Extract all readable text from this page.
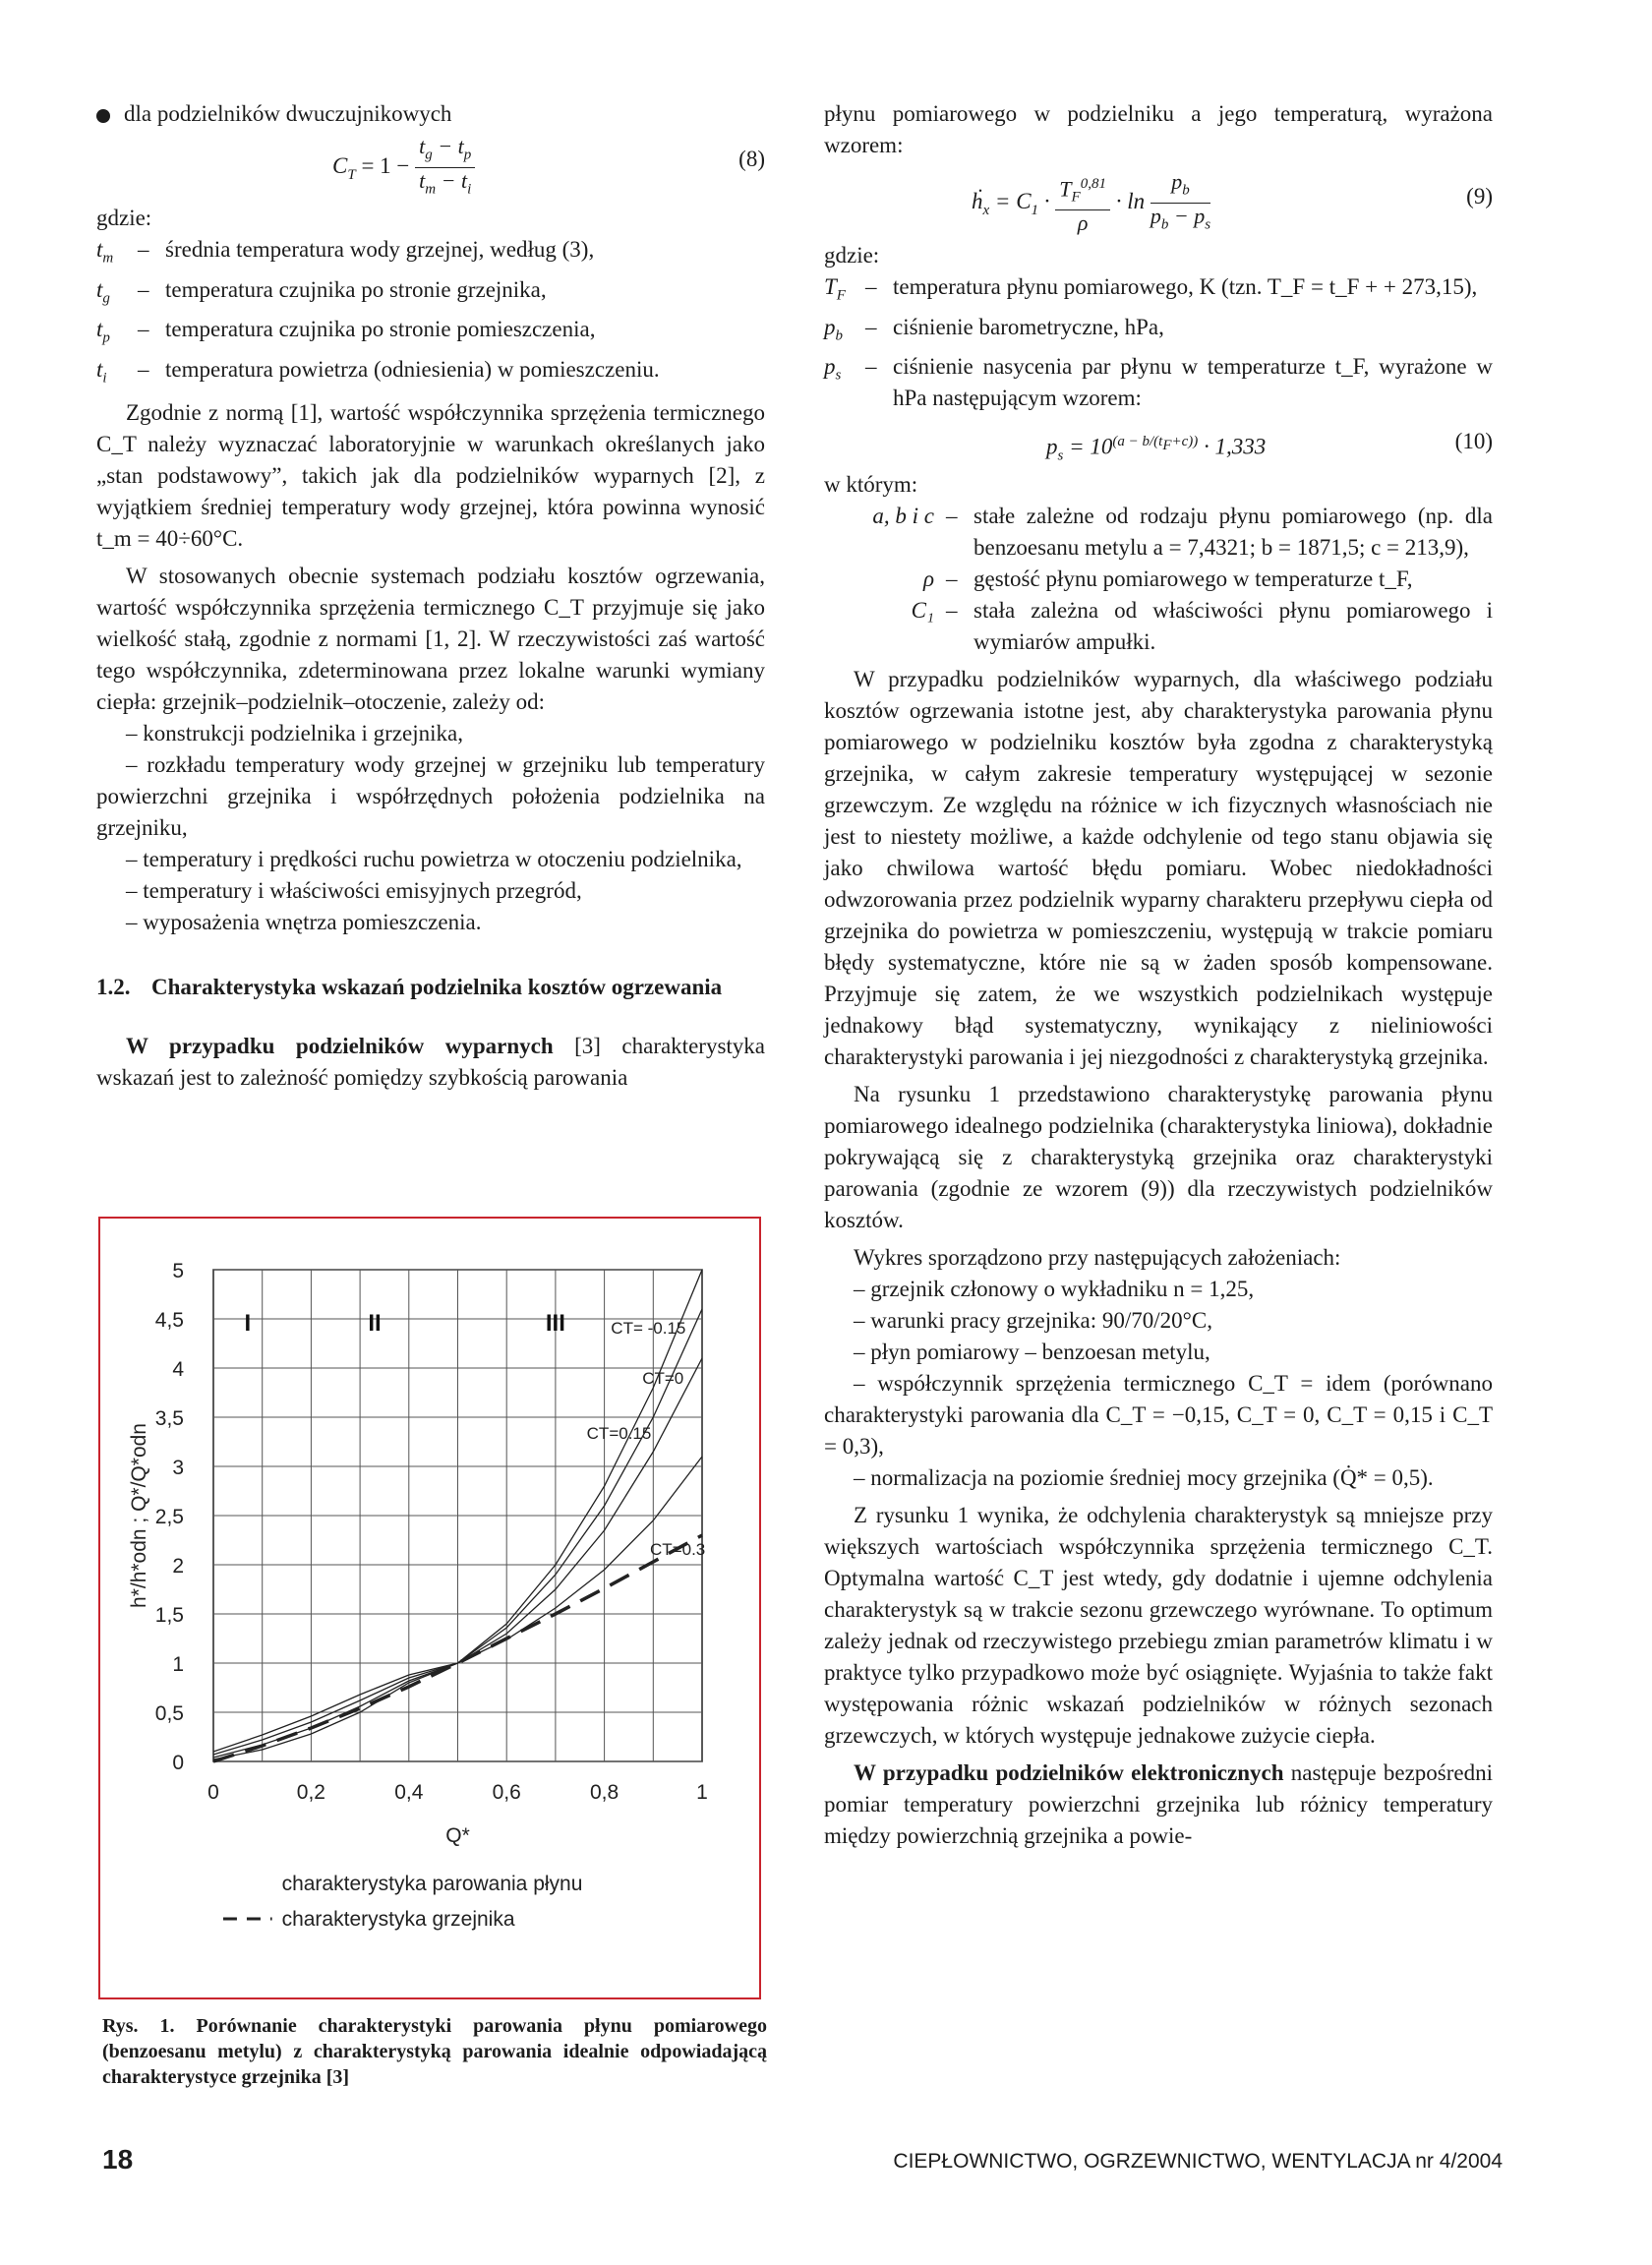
dla podzielników dwuczujnikowych

$C_T = 1 - \frac{t_g - t_p}{t_m - t_i}$	(8)

gdzie:

$t_m$	– średnia temperatura wody grzejnej, według (3),
$t_g$	– temperatura czujnika po stronie grzejnika,
$t_p$	– temperatura czujnika po stronie pomieszczenia,
$t_i$	– temperatura powietrza (odniesienia) w pomieszczeniu.

Zgodnie z normą [1], wartość współczynnika sprzężenia termicznego C_T należy wyznaczać laboratoryjnie w warunkach określanych jako „stan podstawowy”, takich jak dla podzielników wyparnych [2], z wyjątkiem średniej temperatury wody grzejnej, która powinna wynosić t_m = 40÷60°C.

W stosowanych obecnie systemach podziału kosztów ogrzewania, wartość współczynnika sprzężenia termicznego C_T przyjmuje się jako wielkość stałą, zgodnie z normami [1, 2]. W rzeczywistości zaś wartość tego współczynnika, zdeterminowana przez lokalne warunki wymiany ciepła: grzejnik–podzielnik–otoczenie, zależy od:

– konstrukcji podzielnika i grzejnika,

– rozkładu temperatury wody grzejnej w grzejniku lub temperatury powierzchni grzejnika i współrzędnych położenia podzielnika na grzejniku,

– temperatury i prędkości ruchu powietrza w otoczeniu podzielnika,

– temperatury i właściwości emisyjnych przegród,

– wyposażenia wnętrza pomieszczenia.

1.2. Charakterystyka wskazań podzielnika kosztów ogrzewania

W przypadku podzielników wyparnych [3] charakterystyka wskazań jest to zależność pomiędzy szybkością parowania

0
0,5
1
1,5
2
2,5
3
3,5
4
4,5
5
0	0,2	0,4	0,6	0,8	1
Q*
h*/h*odn ; Q*/Q*odn
I	II	III	CT= -0.15
CT=0
CT=0.15
CT=0.3
charakterystyka parowania płynu
charakterystyka grzejnika
Rys. 1. Porównanie charakterystyki parowania płynu pomiarowego (benzoesanu metylu) z charakterystyką parowania idealnie odpowiadającą charakterystyce grzejnika [3]

płynu pomiarowego w podzielniku a jego temperaturą, wyrażona wzorem:

ḣ$_x$ = $C_1 \cdot \frac{T_F^{0,81}}{\rho} \cdot \ln \frac{p_b}{p_b - p_s}$	(9)

gdzie:

$T_F$ – temperatura płynu pomiarowego, K (tzn. T_F = t_F + + 273,15),
$p_b$	– ciśnienie barometryczne, hPa,
$p_s$	– ciśnienie nasycenia par płynu w temperaturze t_F, wyrażone w hPa następującym wzorem:
$p_s = 10^{(a - b/(t_F+c))} \cdot 1,333$	(10)

w którym:

a, b i c – stałe zależne od rodzaju płynu pomiarowego (np. dla benzoesanu metylu a = 7,4321; b = 1871,5; c = 213,9),
ρ – gęstość płynu pomiarowego w temperaturze t_F,
C₁ – stała zależna od właściwości płynu pomiarowego i wymiarów ampułki.

W przypadku podzielników wyparnych, dla właściwego podziału kosztów ogrzewania istotne jest, aby charakterystyka parowania płynu pomiarowego w podzielniku kosztów była zgodna z charakterystyką grzejnika, w całym zakresie temperatury występującej w sezonie grzewczym. Ze względu na różnice w ich fizycznych własnościach nie jest to niestety możliwe, a każde odchylenie od tego stanu objawia się jako chwilowa wartość błędu pomiaru. Wobec niedokładności odwzorowania przez podzielnik wyparny charakteru przepływu ciepła od grzejnika do powietrza w pomieszczeniu, występują w trakcie pomiaru błędy systematyczne, które nie są w żaden sposób kompensowane. Przyjmuje się zatem, że we wszystkich podzielnikach występuje jednakowy błąd systematyczny, wynikający z nieliniowości charakterystyki parowania i jej niezgodności z charakterystyką grzejnika.

Na rysunku 1 przedstawiono charakterystykę parowania płynu pomiarowego idealnego podzielnika (charakterystyka liniowa), dokładnie pokrywającą się z charakterystyką grzejnika oraz charakterystyki parowania (zgodnie ze wzorem (9)) dla rzeczywistych podzielników kosztów.

Wykres sporządzono przy następujących założeniach:

– grzejnik członowy o wykładniku n = 1,25,

– warunki pracy grzejnika: 90/70/20°C,

– płyn pomiarowy – benzoesan metylu,

– współczynnik sprzężenia termicznego C_T = idem (porównano charakterystyki parowania dla C_T = −0,15, C_T = 0, C_T = 0,15 i C_T = 0,3),

– normalizacja na poziomie średniej mocy grzejnika (Q̇* = 0,5).

Z rysunku 1 wynika, że odchylenia charakterystyk są mniejsze przy większych wartościach współczynnika sprzężenia termicznego C_T. Optymalna wartość C_T jest wtedy, gdy dodatnie i ujemne odchylenia charakterystyk są w trakcie sezonu grzewczego wyrównane. To optimum zależy jednak od rzeczywistego przebiegu zmian parametrów klimatu i w praktyce tylko przypadkowo może być osiągnięte. Wyjaśnia to także fakt występowania różnic wskazań podzielników w różnych sezonach grzewczych, w których występuje jednakowe zużycie ciepła.

W przypadku podzielników elektronicznych następuje bezpośredni pomiar temperatury powierzchni grzejnika lub różnicy temperatury między powierzchnią grzejnika a powie-

18	CIEPŁOWNICTWO, OGRZEWNICTWO, WENTYLACJA nr 4/2004
